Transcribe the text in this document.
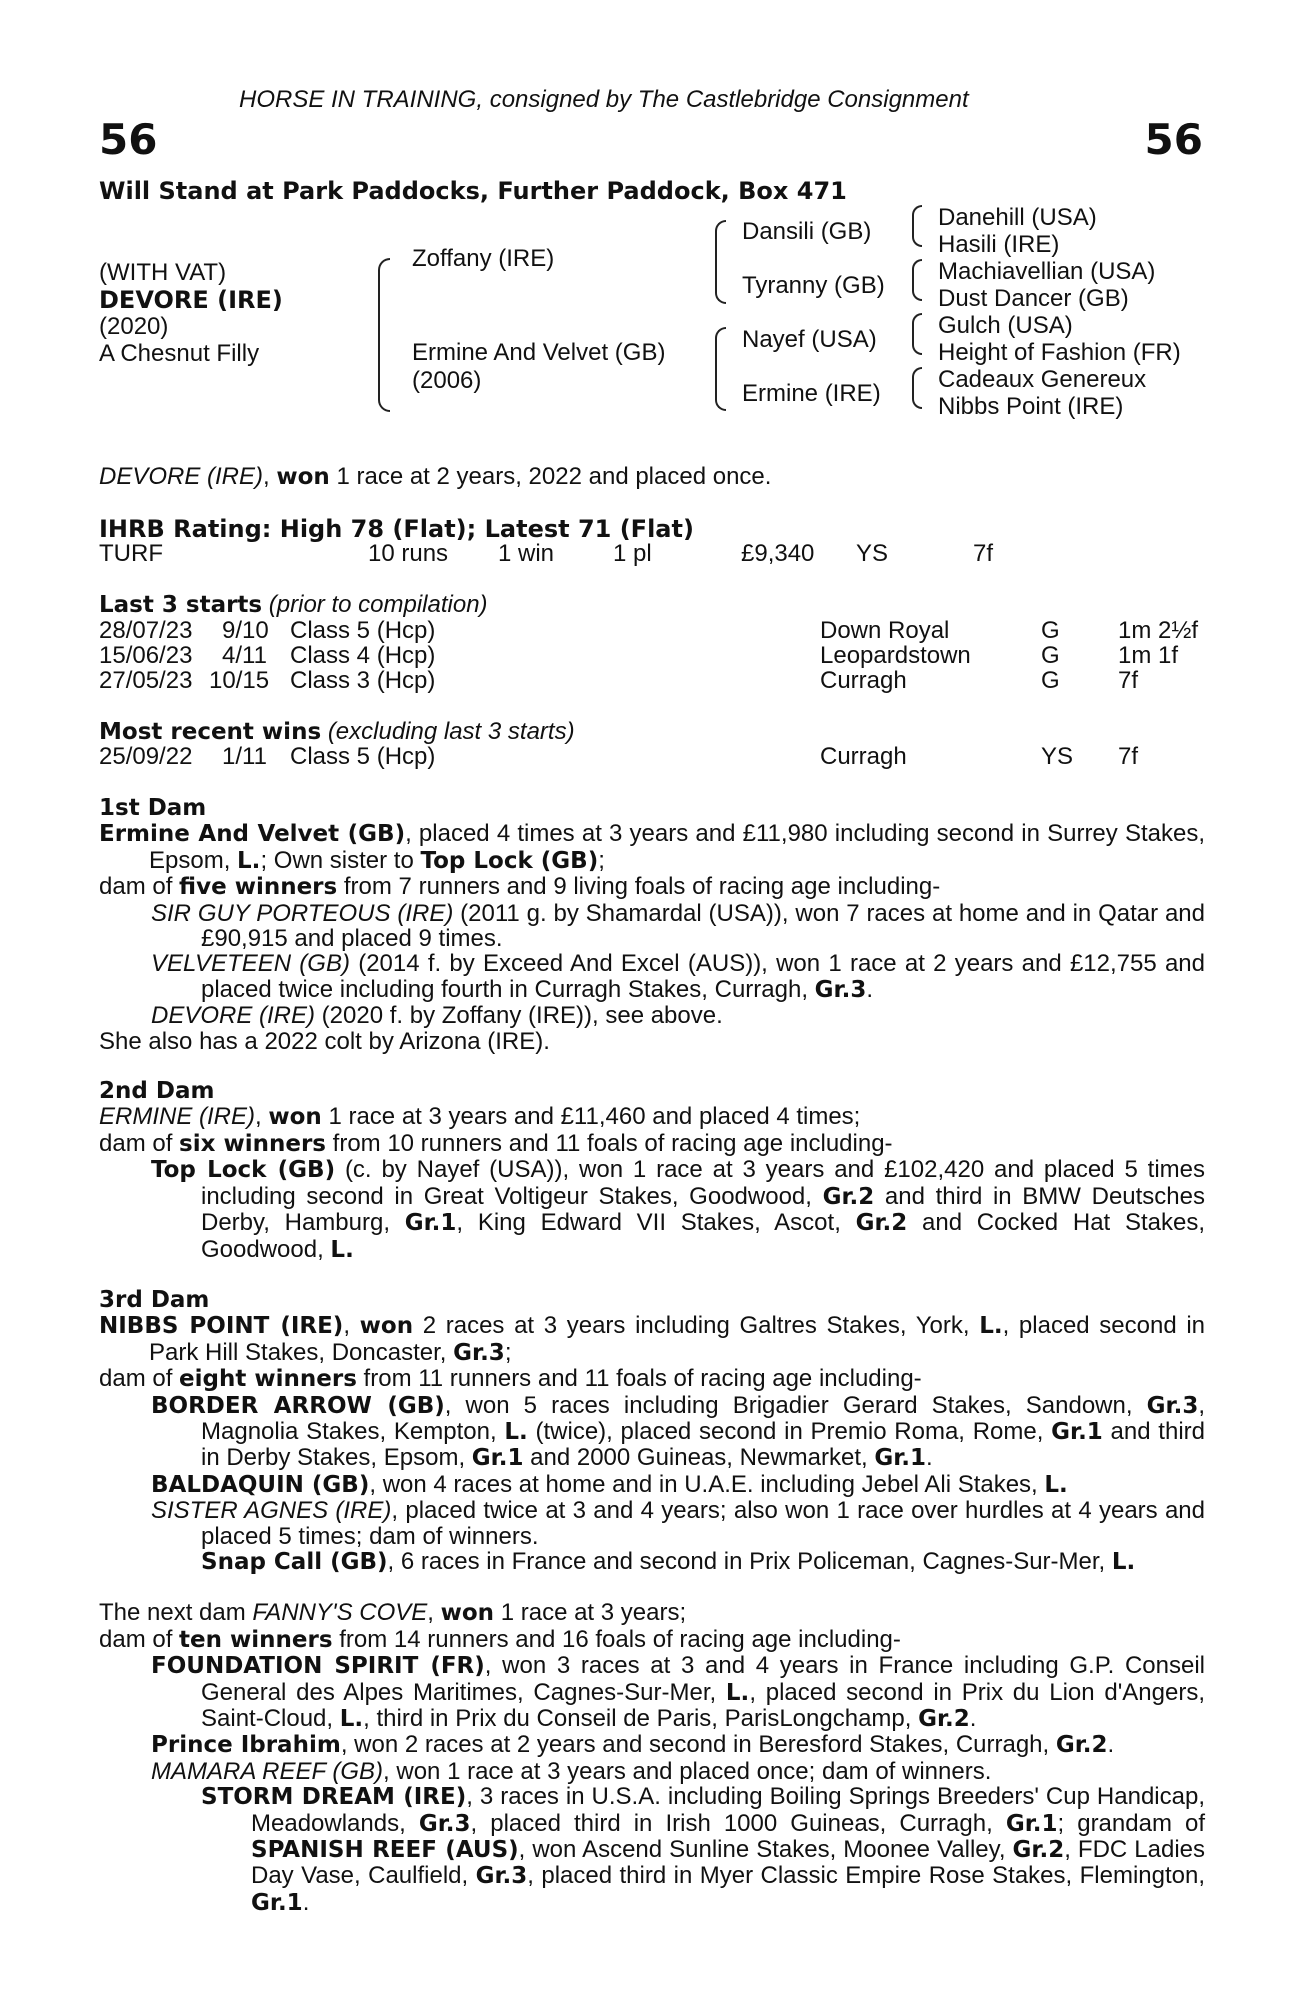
HORSE IN TRAINING, consigned by The Castlebridge Consignment
56	56
Will Stand at Park Paddocks, Further Paddock, Box 471
(WITH VAT)
DEVORE (IRE)
(2020)
A Chesnut Filly
Zoffany (IRE)
Ermine And Velvet (GB)
(2006)
Dansili (GB)
Tyranny (GB)
Nayef (USA)
Ermine (IRE)
Danehill (USA)
Hasili (IRE)
Machiavellian (USA)
Dust Dancer (GB)
Gulch (USA)
Height of Fashion (FR)
Cadeaux Genereux
Nibbs Point (IRE)
DEVORE (IRE), won 1 race at 2 years, 2022 and placed once.
IHRB Rating: High 78 (Flat); Latest 71 (Flat)
TURF	10 runs 1 win 1 pl	£9,340 YS	7f
Last 3 starts (prior to compilation)
28/07/23 9/10 Class 5 (Hcp)	Down Royal	G 1m 2½f
15/06/23 4/11 Class 4 (Hcp)	Leopardstown	G 1m 1f
27/05/23 10/15 Class 3 (Hcp)	Curragh	G 7f
Most recent wins (excluding last 3 starts)
25/09/22 1/11 Class 5 (Hcp)	Curragh	YS 7f

1st Dam

Ermine And Velvet (GB), placed 4 times at 3 years and £11,980 including second in Surrey Stakes, Epsom, L.; Own sister to Top Lock (GB);

dam of five winners from 7 runners and 9 living foals of racing age including-

SIR GUY PORTEOUS (IRE) (2011 g. by Shamardal (USA)), won 7 races at home and in Qatar and £90,915 and placed 9 times.

VELVETEEN (GB) (2014 f. by Exceed And Excel (AUS)), won 1 race at 2 years and £12,755 and placed twice including fourth in Curragh Stakes, Curragh, Gr.3.

DEVORE (IRE) (2020 f. by Zoffany (IRE)), see above.

She also has a 2022 colt by Arizona (IRE).

2nd Dam

ERMINE (IRE), won 1 race at 3 years and £11,460 and placed 4 times;

dam of six winners from 10 runners and 11 foals of racing age including-

Top Lock (GB) (c. by Nayef (USA)), won 1 race at 3 years and £102,420 and placed 5 times including second in Great Voltigeur Stakes, Goodwood, Gr.2 and third in BMW Deutsches Derby, Hamburg, Gr.1, King Edward VII Stakes, Ascot, Gr.2 and Cocked Hat Stakes, Goodwood, L.

3rd Dam

NIBBS POINT (IRE), won 2 races at 3 years including Galtres Stakes, York, L., placed second in Park Hill Stakes, Doncaster, Gr.3;

dam of eight winners from 11 runners and 11 foals of racing age including-

BORDER ARROW (GB), won 5 races including Brigadier Gerard Stakes, Sandown, Gr.3, Magnolia Stakes, Kempton, L. (twice), placed second in Premio Roma, Rome, Gr.1 and third in Derby Stakes, Epsom, Gr.1 and 2000 Guineas, Newmarket, Gr.1.

BALDAQUIN (GB), won 4 races at home and in U.A.E. including Jebel Ali Stakes, L.

SISTER AGNES (IRE), placed twice at 3 and 4 years; also won 1 race over hurdles at 4 years and placed 5 times; dam of winners.

Snap Call (GB), 6 races in France and second in Prix Policeman, Cagnes-Sur-Mer, L.

The next dam FANNY'S COVE, won 1 race at 3 years;

dam of ten winners from 14 runners and 16 foals of racing age including-

FOUNDATION SPIRIT (FR), won 3 races at 3 and 4 years in France including G.P. Conseil General des Alpes Maritimes, Cagnes-Sur-Mer, L., placed second in Prix du Lion d'Angers, Saint-Cloud, L., third in Prix du Conseil de Paris, ParisLongchamp, Gr.2.

Prince Ibrahim, won 2 races at 2 years and second in Beresford Stakes, Curragh, Gr.2.

MAMARA REEF (GB), won 1 race at 3 years and placed once; dam of winners.

STORM DREAM (IRE), 3 races in U.S.A. including Boiling Springs Breeders' Cup Handicap, Meadowlands, Gr.3, placed third in Irish 1000 Guineas, Curragh, Gr.1; grandam of SPANISH REEF (AUS), won Ascend Sunline Stakes, Moonee Valley, Gr.2, FDC Ladies Day Vase, Caulfield, Gr.3, placed third in Myer Classic Empire Rose Stakes, Flemington, Gr.1.
